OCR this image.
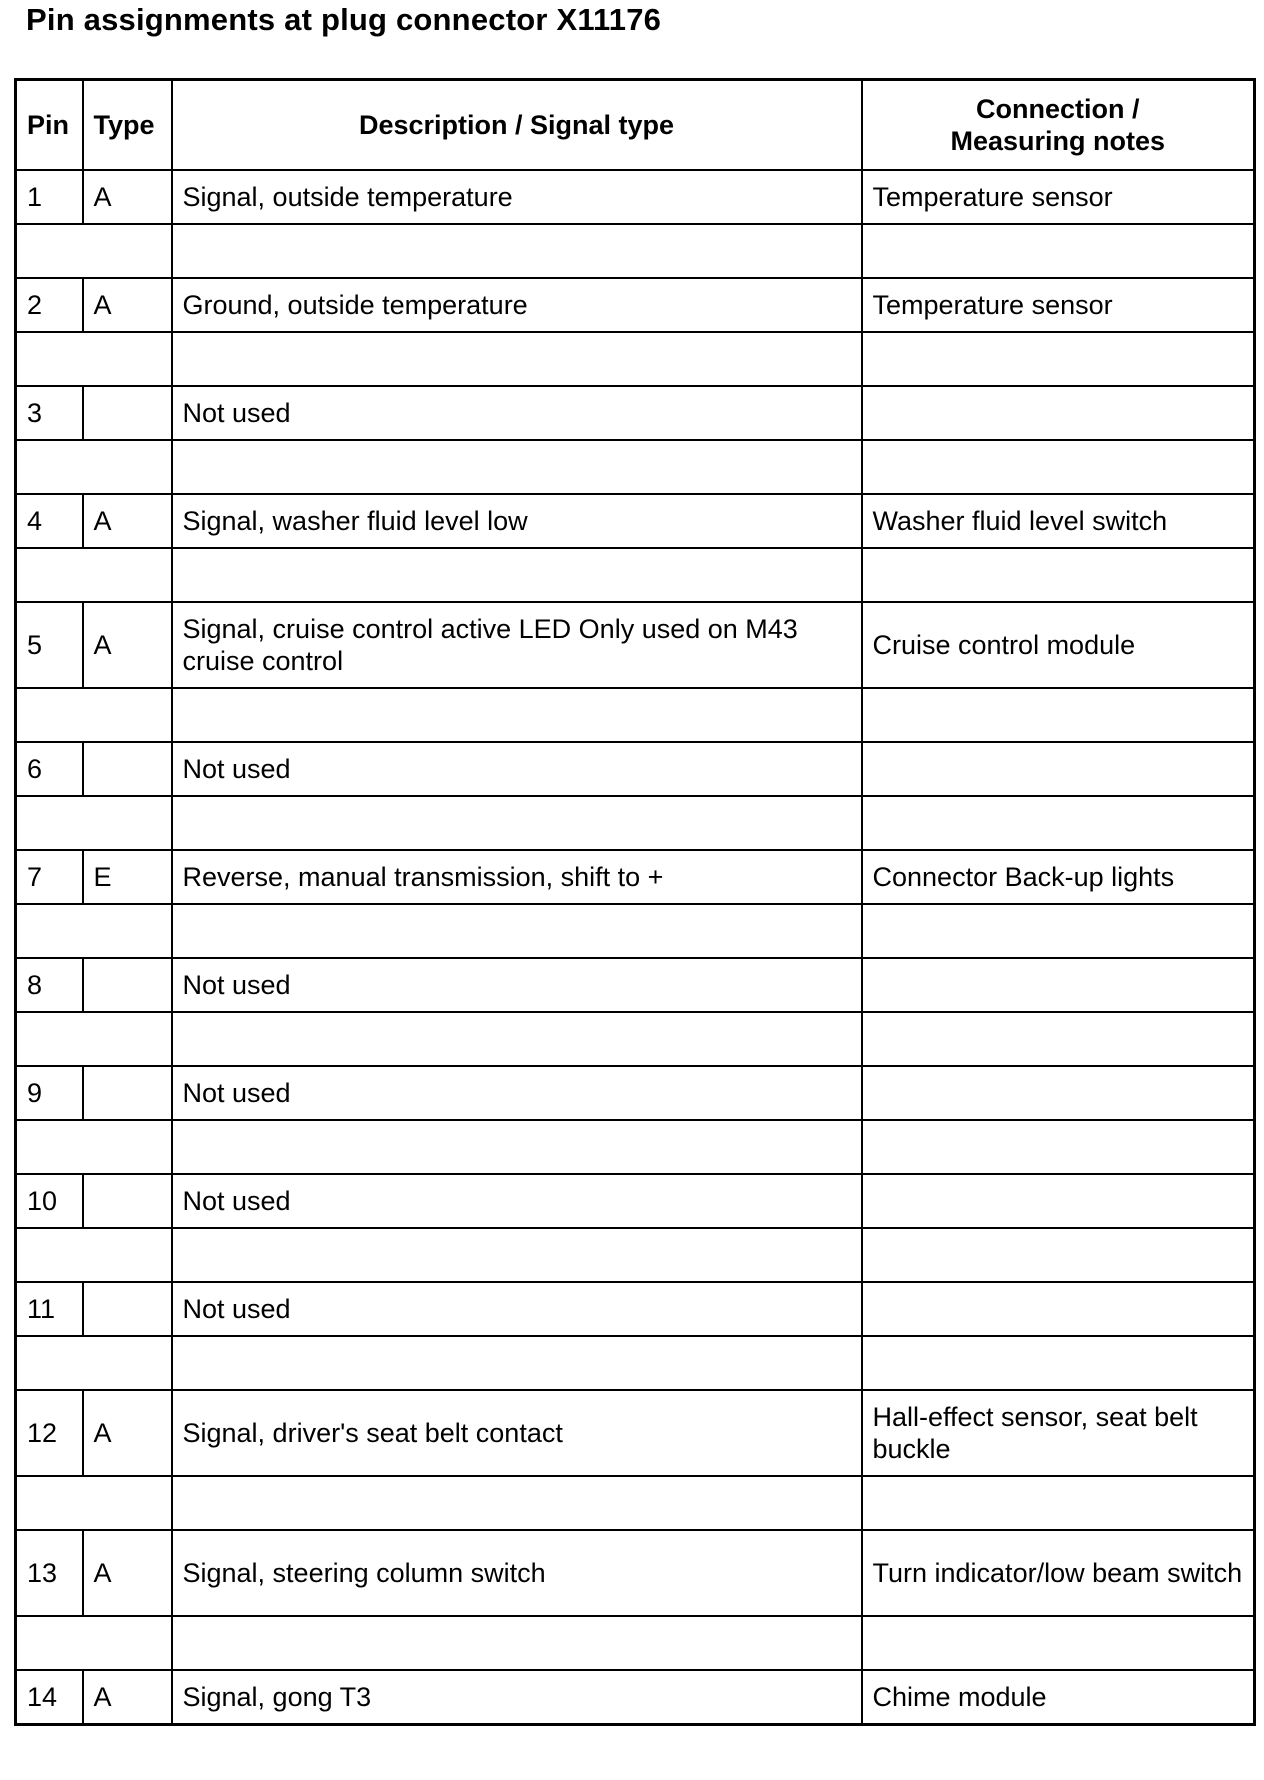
Pin assignments at plug connector X11176
Pin	Type	Description / Signal type	Connection /
Measuring notes
1	A	Signal, outside temperature	Temperature sensor

2	A	Ground, outside temperature	Temperature sensor

3		Not used	

4	A	Signal, washer fluid level low	Washer fluid level switch

5	A	Signal, cruise control active LED Only used on M43 cruise control	Cruise control module

6		Not used	

7	E	Reverse, manual transmission, shift to +	Connector Back-up lights

8		Not used	

9		Not used	

10		Not used	

11		Not used	

12	A	Signal, driver's seat belt contact	Hall-effect sensor, seat belt buckle

13	A	Signal, steering column switch	Turn indicator/low beam switch

14	A	Signal, gong T3	Chime module
